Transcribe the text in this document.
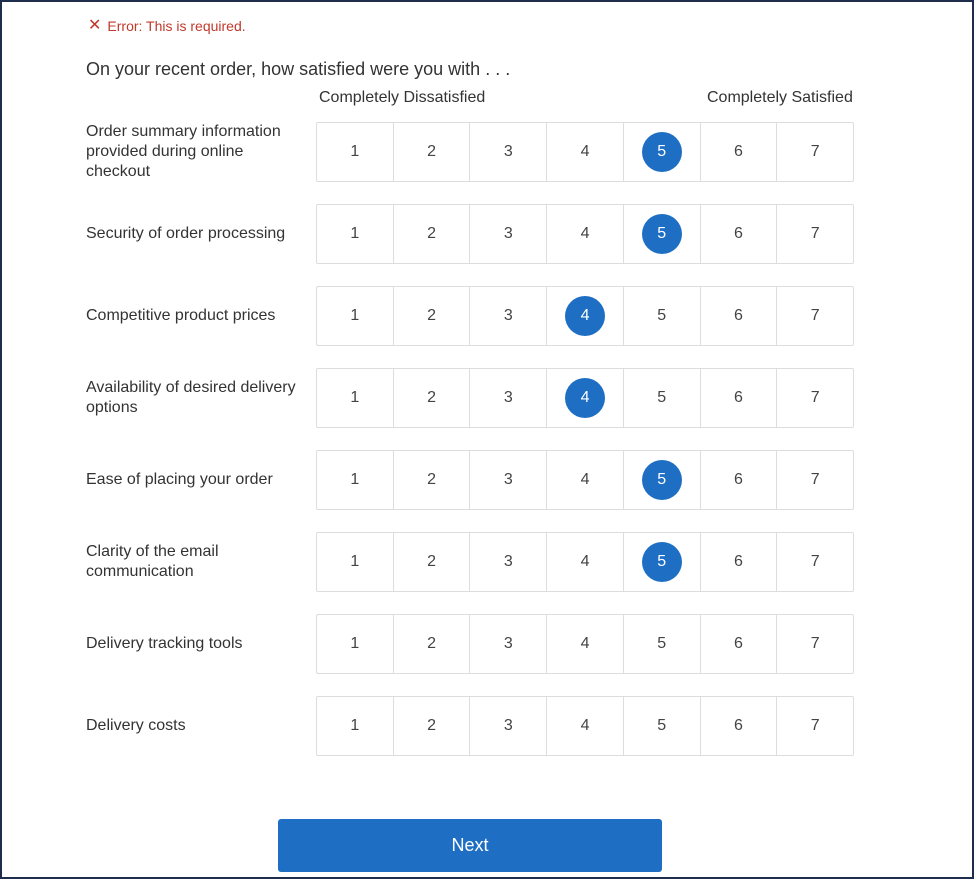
✕ Error: This is required.
On your recent order, how satisfied were you with . . .
Completely Dissatisfied	Completely Satisfied
Order summary information provided during online checkout
1	2	3	4	5	6	7
Security of order processing	1	2	3	4	5	6	7
Competitive product prices	1	2	3	4	5	6	7
Availability of desired delivery options
1	2	3	4	5	6	7
Ease of placing your order	1	2	3	4	5	6	7
Clarity of the email communication
1	2	3	4	5	6	7
Delivery tracking tools	1	2	3	4	5	6	7
Delivery costs	1	2	3	4	5	6	7
Next
